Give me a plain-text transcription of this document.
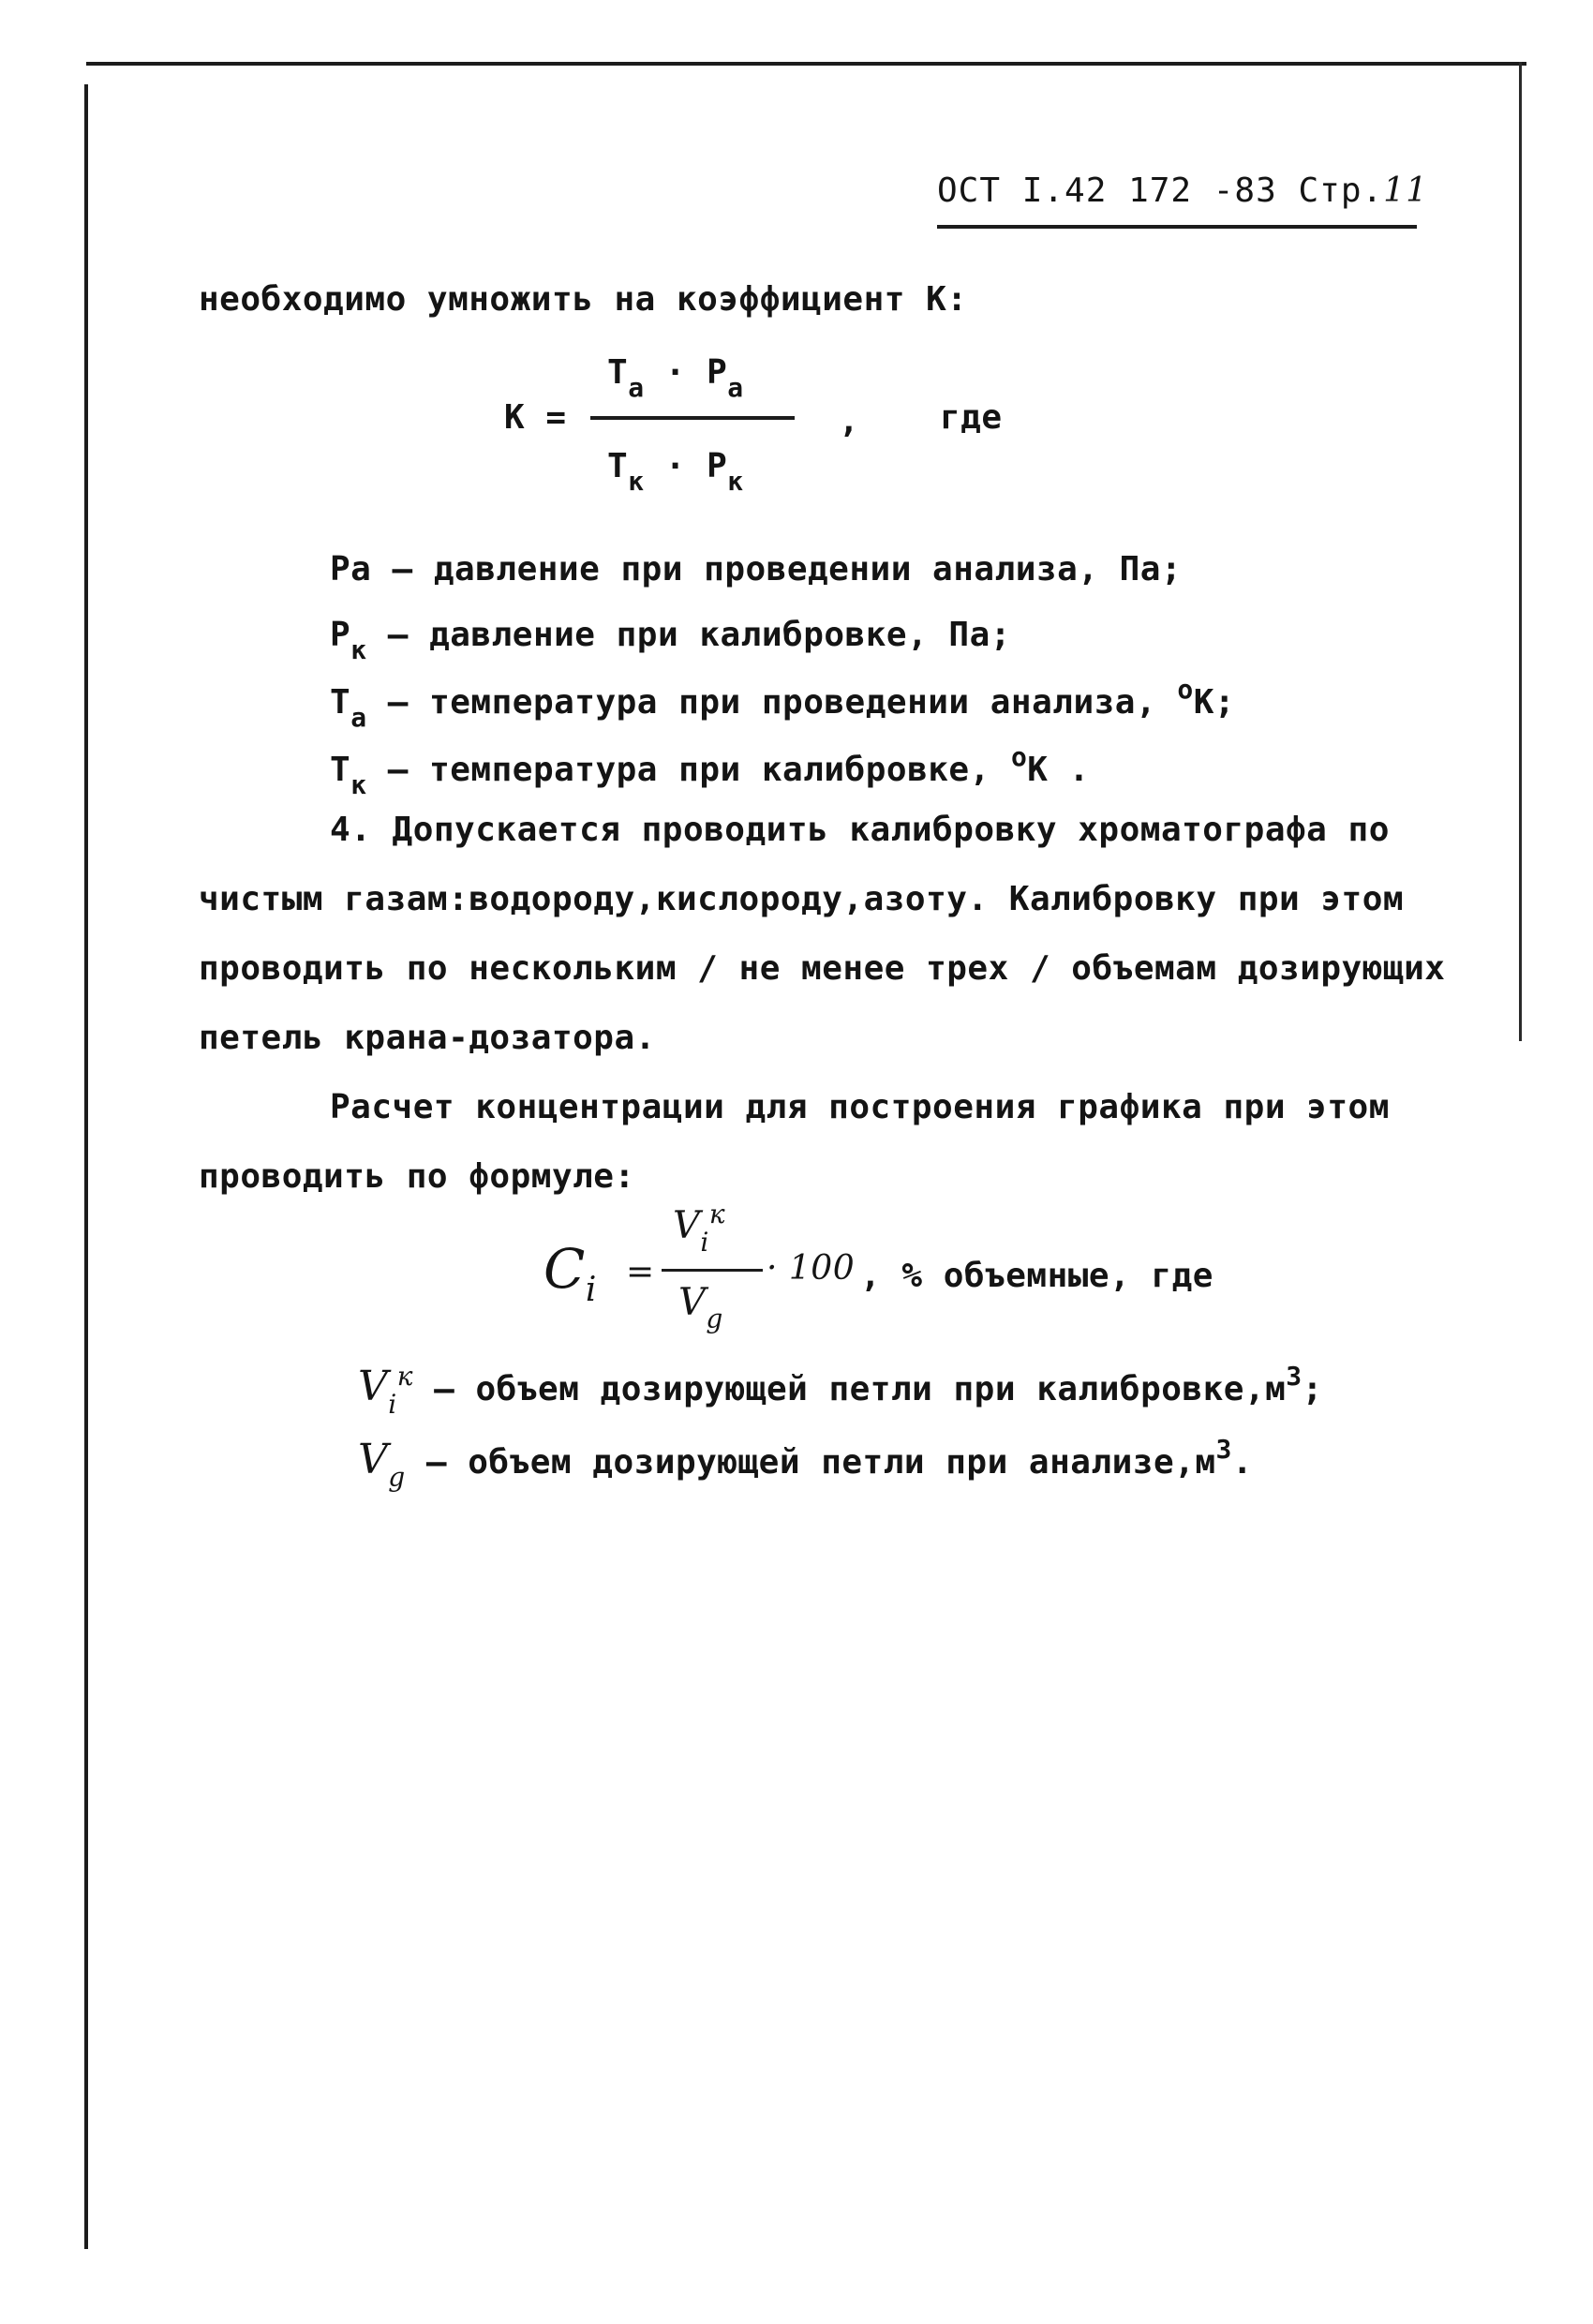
ОСТ I.42 172 -83 Стр.11
необходимо умножить на коэффициент К:
К =
$T_a \cdot P_a$
$T_к \cdot P_к$
, где
Pa – давление при проведении анализа, Па;
$P_к$ – давление при калибровке, Па;
$T_a$ – температура при проведении анализа, $^o$K;
$T_к$ – температура при калибровке, $^o$К .
4. Допускается проводить калибровку хроматографа по
чистым газам:водороду,кислороду,азоту. Калибровку при этом
проводить по нескольким / не менее трех / объемам дозирующих
петель крана-дозатора.
Расчет концентрации для построения графика при этом
проводить по формуле:
$C_i$ =
$V_i^к$
$V_g$
· 100 , % объемные, где
$V_i^к$ – объем дозирующей петли при $калибровке,м^3$;
$V_g$ – объем дозирующей петли при $анализе,м^3$.
